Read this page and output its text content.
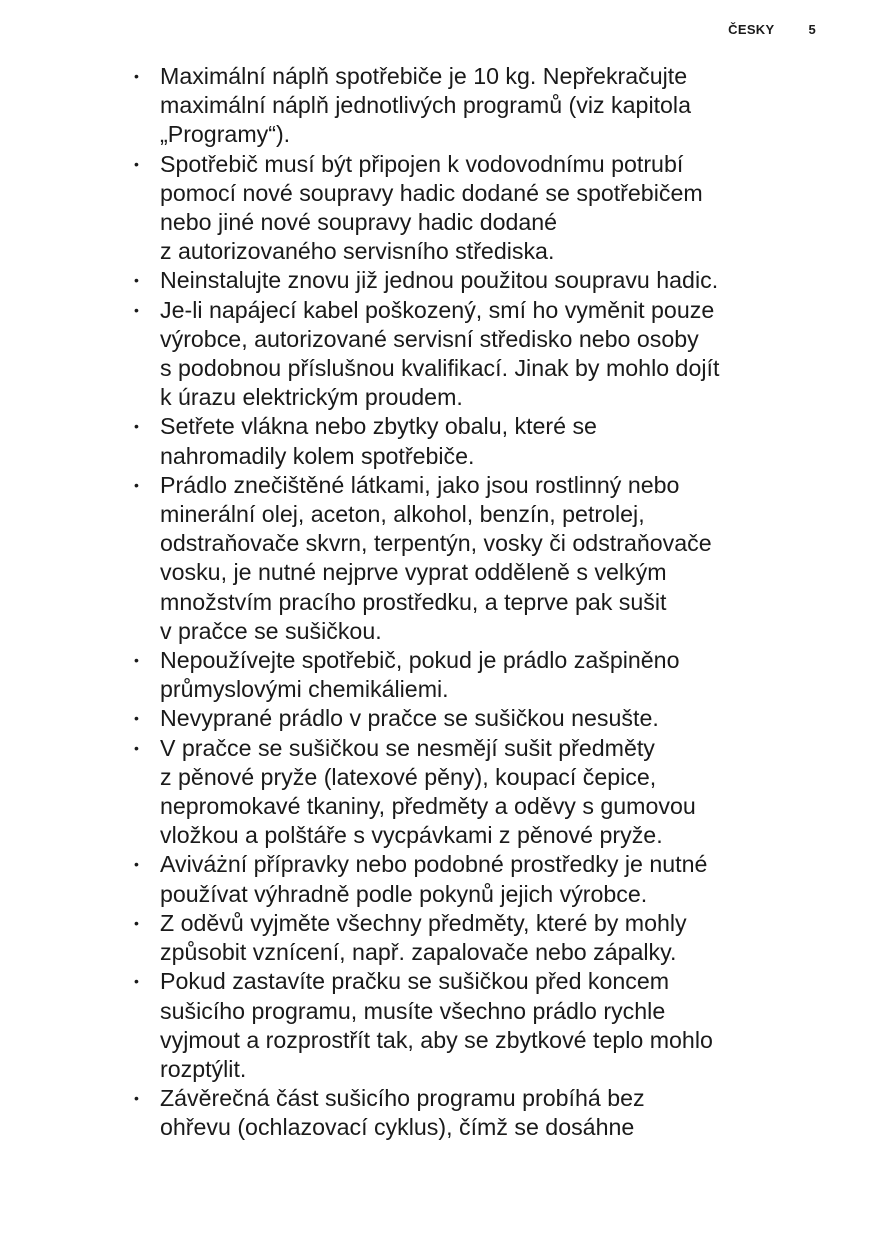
ČESKY	5
• Maximální náplň spotřebiče je 10 kg. Nepřekračujte
maximální náplň jednotlivých programů (viz kapitola
„Programy“).
• Spotřebič musí být připojen k vodovodnímu potrubí
pomocí nové soupravy hadic dodané se spotřebičem
nebo jiné nové soupravy hadic dodané
z autorizovaného servisního střediska.
• Neinstalujte znovu již jednou použitou soupravu hadic.
• Je-li napájecí kabel poškozený, smí ho vyměnit pouze
výrobce, autorizované servisní středisko nebo osoby
s podobnou příslušnou kvalifikací. Jinak by mohlo dojít
k úrazu elektrickým proudem.
• Setřete vlákna nebo zbytky obalu, které se
nahromadily kolem spotřebiče.
• Prádlo znečištěné látkami, jako jsou rostlinný nebo
minerální olej, aceton, alkohol, benzín, petrolej,
odstraňovače skvrn, terpentýn, vosky či odstraňovače
vosku, je nutné nejprve vyprat odděleně s velkým
množstvím pracího prostředku, a teprve pak sušit
v pračce se sušičkou.
• Nepoužívejte spotřebič, pokud je prádlo zašpiněno
průmyslovými chemikáliemi.
• Nevyprané prádlo v pračce se sušičkou nesušte.
• V pračce se sušičkou se nesmějí sušit předměty
z pěnové pryže (latexové pěny), koupací čepice,
nepromokavé tkaniny, předměty a oděvy s gumovou
vložkou a polštáře s vycpávkami z pěnové pryže.
• Aviváżní přípravky nebo podobné prostředky je nutné
používat výhradně podle pokynů jejich výrobce.
• Z oděvů vyjměte všechny předměty, které by mohly
způsobit vznícení, např. zapalovače nebo zápalky.
• Pokud zastavíte pračku se sušičkou před koncem
sušicího programu, musíte všechno prádlo rychle
vyjmout a rozprostřít tak, aby se zbytkové teplo mohlo
rozptýlit.
• Závěrečná část sušicího programu probíhá bez
ohřevu (ochlazovací cyklus), čímž se dosáhne
